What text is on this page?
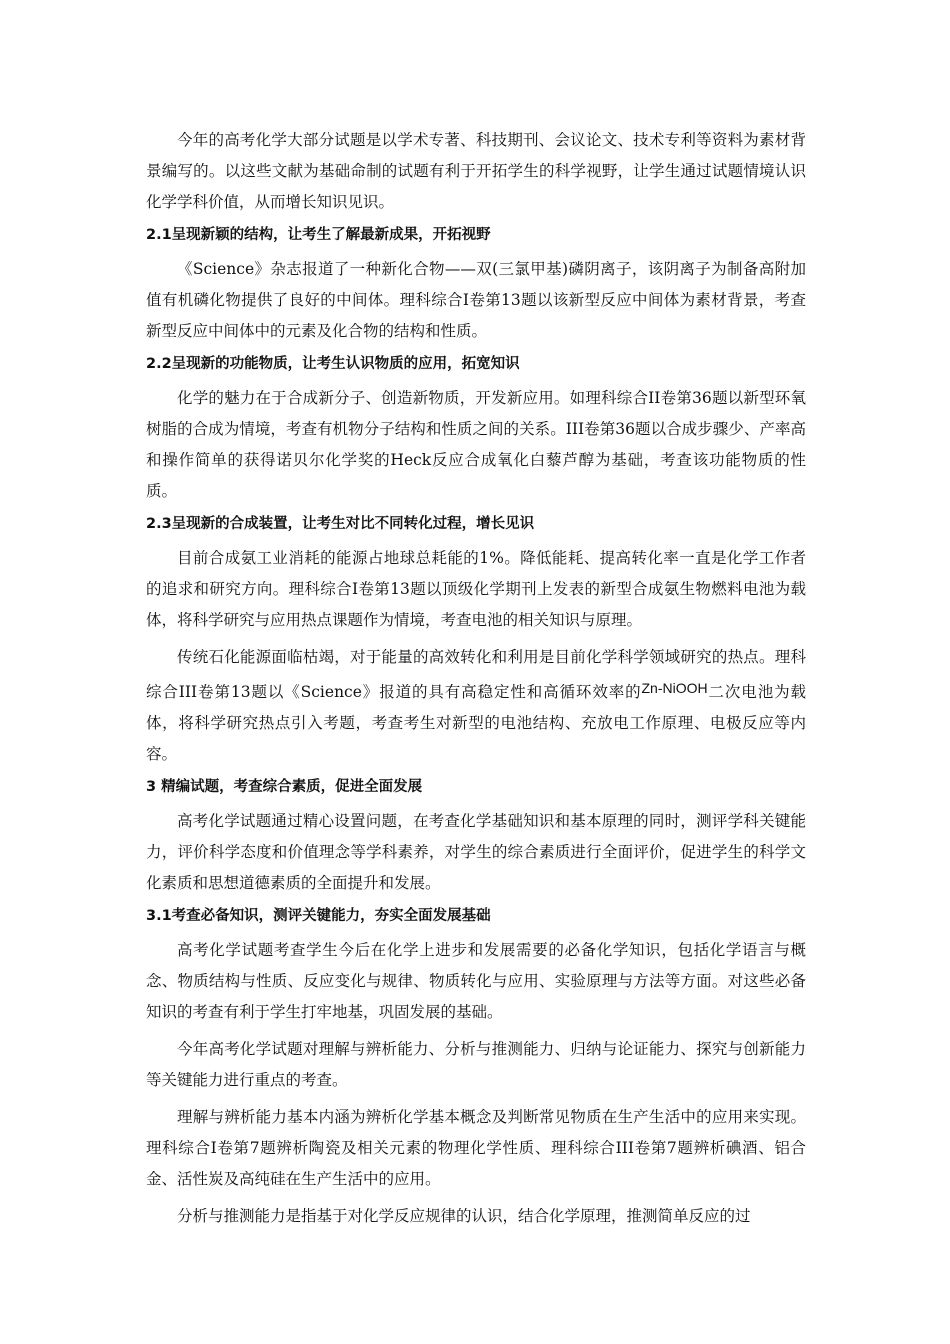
今年的高考化学大部分试题是以学术专著、科技期刊、会议论文、技术专利等资料为素材背景编写的。以这些文献为基础命制的试题有利于开拓学生的科学视野，让学生通过试题情境认识化学学科价值，从而增长知识见识。

2.1呈现新颖的结构，让考生了解最新成果，开拓视野

《Science》杂志报道了一种新化合物——双(三氯甲基)磷阴离子，该阴离子为制备高附加值有机磷化物提供了良好的中间体。理科综合Ⅰ卷第13题以该新型反应中间体为素材背景，考查新型反应中间体中的元素及化合物的结构和性质。

2.2呈现新的功能物质，让考生认识物质的应用，拓宽知识

化学的魅力在于合成新分子、创造新物质，开发新应用。如理科综合II卷第36题以新型环氧树脂的合成为情境，考查有机物分子结构和性质之间的关系。III卷第36题以合成步骤少、产率高和操作简单的获得诺贝尔化学奖的Heck反应合成氧化白藜芦醇为基础，考查该功能物质的性质。

2.3呈现新的合成装置，让考生对比不同转化过程，增长见识

目前合成氨工业消耗的能源占地球总耗能的1%。降低能耗、提高转化率一直是化学工作者的追求和研究方向。理科综合Ⅰ卷第13题以顶级化学期刊上发表的新型合成氨生物燃料电池为载体，将科学研究与应用热点课题作为情境，考查电池的相关知识与原理。

传统石化能源面临枯竭，对于能量的高效转化和利用是目前化学科学领域研究的热点。理科综合III卷第13题以《Science》报道的具有高稳定性和高循环效率的Zn-NiOOH二次电池为载体，将科学研究热点引入考题，考查考生对新型的电池结构、充放电工作原理、电极反应等内容。

3 精编试题，考查综合素质，促进全面发展

高考化学试题通过精心设置问题，在考查化学基础知识和基本原理的同时，测评学科关键能力，评价科学态度和价值理念等学科素养，对学生的综合素质进行全面评价，促进学生的科学文化素质和思想道德素质的全面提升和发展。

3.1考查必备知识，测评关键能力，夯实全面发展基础

高考化学试题考查学生今后在化学上进步和发展需要的必备化学知识，包括化学语言与概念、物质结构与性质、反应变化与规律、物质转化与应用、实验原理与方法等方面。对这些必备知识的考查有利于学生打牢地基，巩固发展的基础。

今年高考化学试题对理解与辨析能力、分析与推测能力、归纳与论证能力、探究与创新能力等关键能力进行重点的考查。

理解与辨析能力基本内涵为辨析化学基本概念及判断常见物质在生产生活中的应用来实现。理科综合Ⅰ卷第7题辨析陶瓷及相关元素的物理化学性质、理科综合III卷第7题辨析碘酒、铝合金、活性炭及高纯硅在生产生活中的应用。

分析与推测能力是指基于对化学反应规律的认识，结合化学原理，推测简单反应的过
